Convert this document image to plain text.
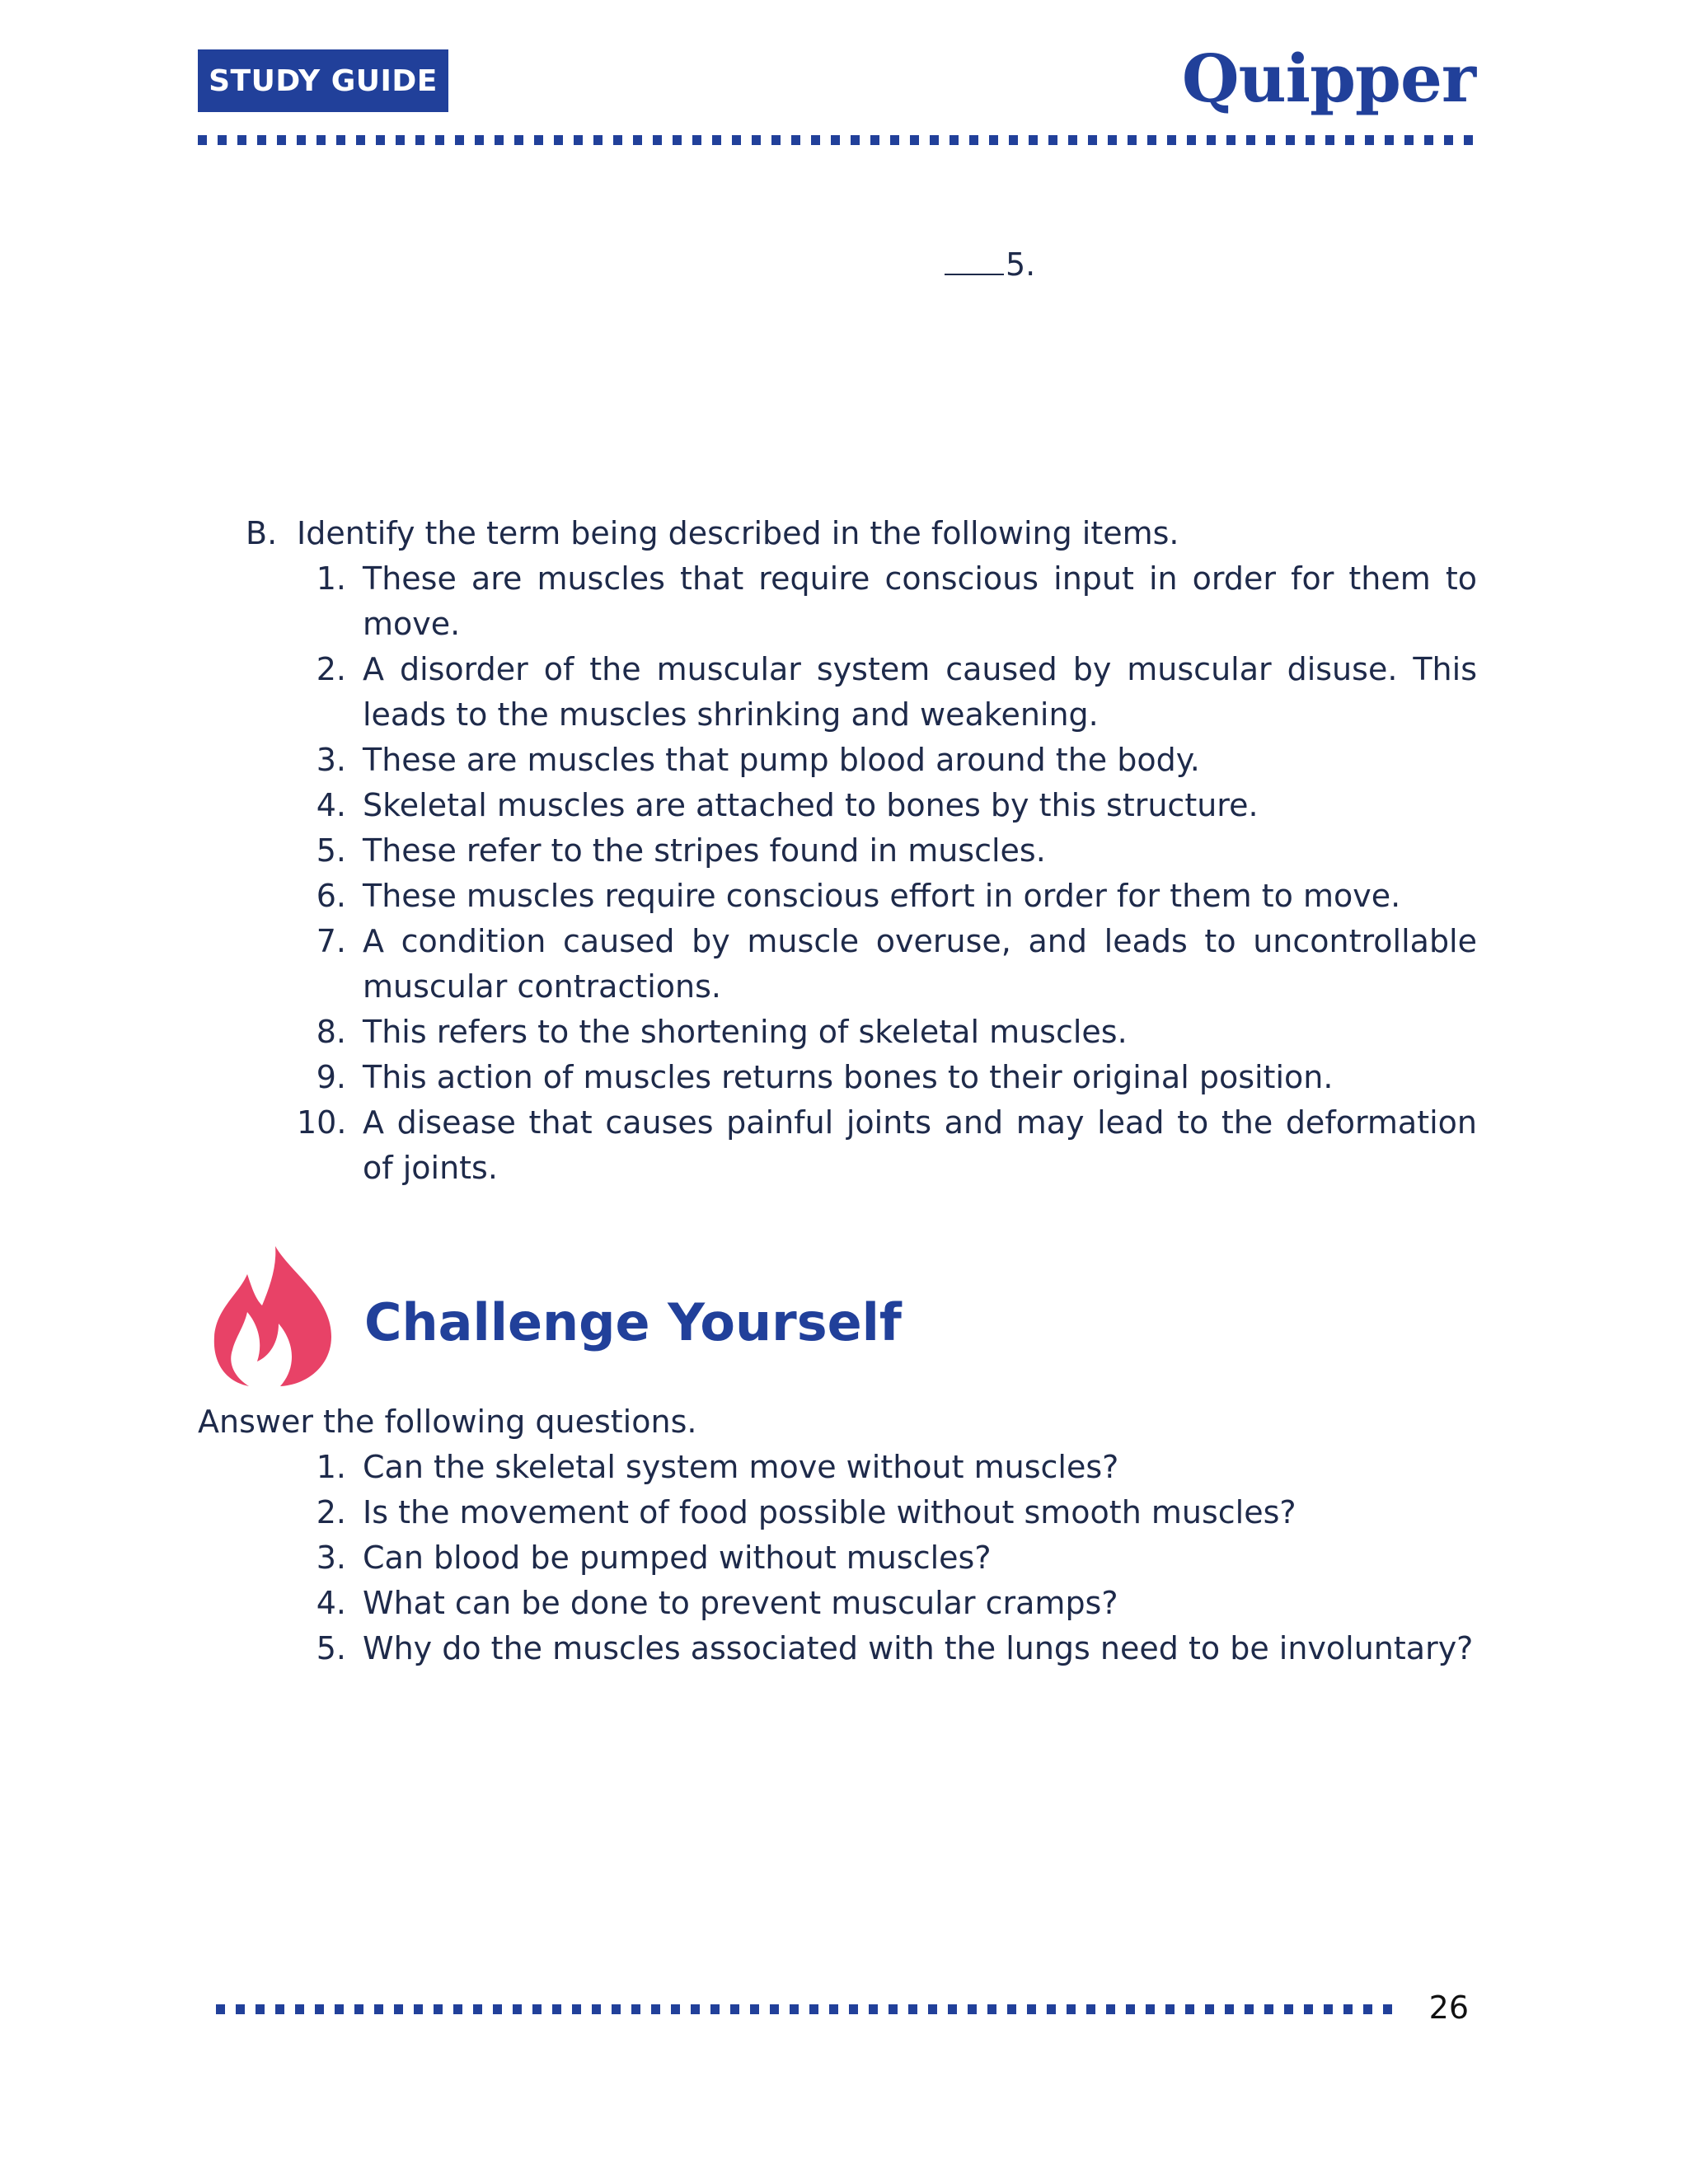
STUDY GUIDE	Quipper
5.
B. Identify the term being described in the following items.
1. These are muscles that require conscious input in order for them to move.
2. A disorder of the muscular system caused by muscular disuse. This leads to the muscles shrinking and weakening.
3. These are muscles that pump blood around the body.
4. Skeletal muscles are attached to bones by this structure.
5. These refer to the stripes found in muscles.
6. These muscles require conscious effort in order for them to move.
7. A condition caused by muscle overuse, and leads to uncontrollable muscular contractions.
8. This refers to the shortening of skeletal muscles.
9. This action of muscles returns bones to their original position.
10. A disease that causes painful joints and may lead to the deformation of joints.
Challenge Yourself
Answer the following questions.
1. Can the skeletal system move without muscles?
2. Is the movement of food possible without smooth muscles?
3. Can blood be pumped without muscles?
4. What can be done to prevent muscular cramps?
5. Why do the muscles associated with the lungs need to be involuntary?
26
